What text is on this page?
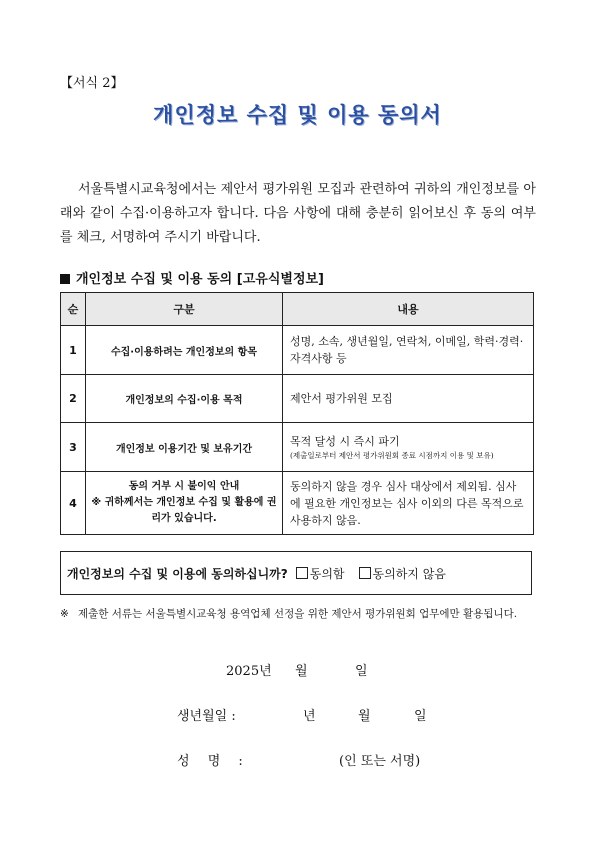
【서식 2】
개인정보 수집 및 이용 동의서
서울특별시교육청에서는 제안서 평가위원 모집과 관련하여 귀하의 개인정보를 아래와 같이 수집·이용하고자 합니다. 다음 사항에 대해 충분히 읽어보신 후 동의 여부를 체크, 서명하여 주시기 바랍니다.
개인정보 수집 및 이용 동의 [고유식별정보]
순	구분	내용
1	수집·이용하려는 개인정보의 항목	성명, 소속, 생년월일, 연락처, 이메일, 학력·경력·자격사항 등
2	개인정보의 수집·이용 목적	제안서 평가위원 모집
3	개인정보 이용기간 및 보유기간	목적 달성 시 즉시 파기
(제출일로부터 제안서 평가위원회 종료 시점까지 이용 및 보유)

4	동의 거부 시 불이익 안내
※ 귀하께서는 개인정보 수집 및 활용에 권리가 있습니다.	동의하지 않을 경우 심사 대상에서 제외됨. 심사에 필요한 개인정보는 심사 이외의 다른 목적으로 사용하지 않음.
개인정보의 수집 및 이용에 동의하십니까? 동의함 동의하지 않음
※ 제출한 서류는 서울특별시교육청 용역업체 선정을 위한 제안서 평가위원회 업무에만 활용됩니다.
2025년 월	일
생년월일 :	년	월	일
성 명 :	(인 또는 서명)
